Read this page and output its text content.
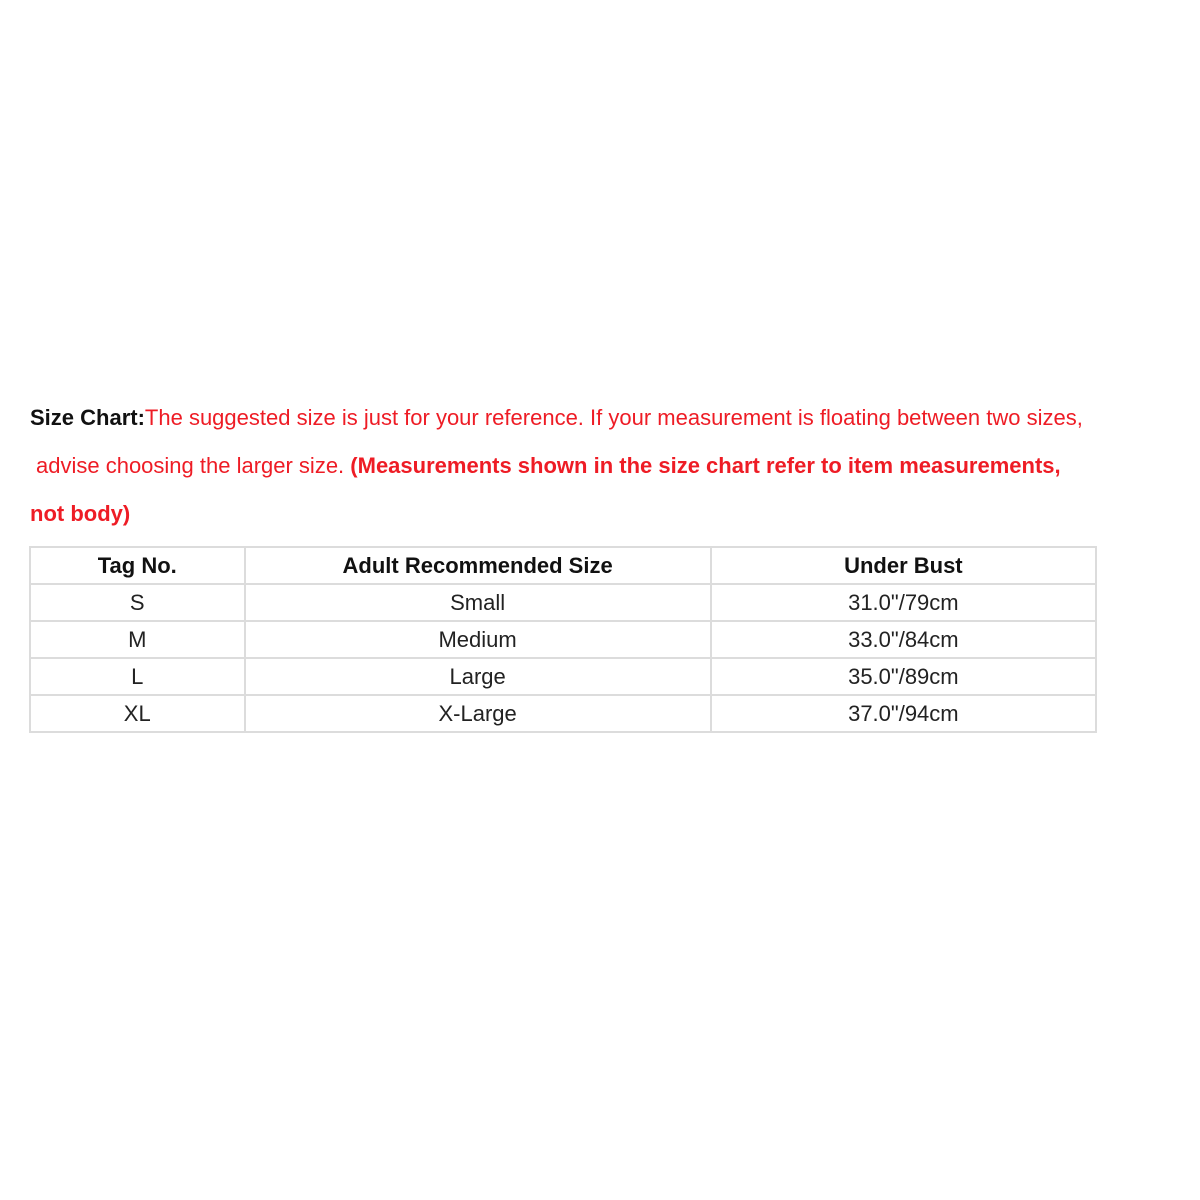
Size Chart:The suggested size is just for your reference. If your measurement is floating between two sizes,
advise choosing the larger size. (Measurements shown in the size chart refer to item measurements,
not body)
Tag No.	Adult Recommended Size	Under Bust
S	Small	31.0"/79cm
M	Medium	33.0"/84cm
L	Large	35.0"/89cm
XL	X-Large	37.0"/94cm
